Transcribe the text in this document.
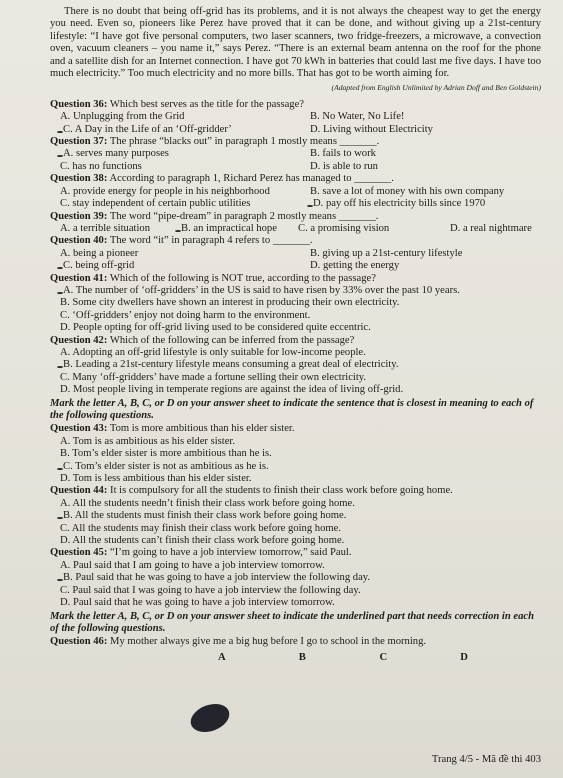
There is no doubt that being off-grid has its problems, and it is not always the cheapest way to get the energy you need. Even so, pioneers like Perez have proved that it can be done, and without giving up a 21st-century lifestyle: “I have got five personal computers, two laser scanners, two fridge-freezers, a microwave, a convection oven, vacuum cleaners – you name it,” says Perez. “There is an external beam antenna on the roof for the phone and a satellite dish for an Internet connection. I have got 70 kWh in batteries that could last me five days. I have too much electricity.” Too much electricity and no more bills. That has got to be worth aiming for.

(Adapted from English Unlimited by Adrian Doff and Ben Goldstein)
Question 36: Which best serves as the title for the passage?
A. Unplugging from the Grid	B. No Water, No Life!
C. A Day in the Life of an ‘Off-gridder’	D. Living without Electricity
Question 37: The phrase “blacks out” in paragraph 1 mostly means _______.
A. serves many purposes	B. fails to work
C. has no functions	D. is able to run
Question 38: According to paragraph 1, Richard Perez has managed to _______.
A. provide energy for people in his neighborhood	B. save a lot of money with his own company
C. stay independent of certain public utilities	D. pay off his electricity bills since 1970
Question 39: The word “pipe-dream” in paragraph 2 mostly means _______.
A. a terrible situation	B. an impractical hope	C. a promising vision	D. a real nightmare
Question 40: The word “it” in paragraph 4 refers to _______.
A. being a pioneer	B. giving up a 21st-century lifestyle
C. being off-grid	D. getting the energy
Question 41: Which of the following is NOT true, according to the passage?
A. The number of ‘off-gridders’ in the US is said to have risen by 33% over the past 10 years.
B. Some city dwellers have shown an interest in producing their own electricity.
C. ‘Off-gridders’ enjoy not doing harm to the environment.
D. People opting for off-grid living used to be considered quite eccentric.
Question 42: Which of the following can be inferred from the passage?
A. Adopting an off-grid lifestyle is only suitable for low-income people.
B. Leading a 21st-century lifestyle means consuming a great deal of electricity.
C. Many ‘off-gridders’ have made a fortune selling their own electricity.
D. Most people living in temperate regions are against the idea of living off-grid.
Mark the letter A, B, C, or D on your answer sheet to indicate the sentence that is closest in meaning to each of the following questions.
Question 43: Tom is more ambitious than his elder sister.
A. Tom is as ambitious as his elder sister.
B. Tom’s elder sister is more ambitious than he is.
C. Tom’s elder sister is not as ambitious as he is.
D. Tom is less ambitious than his elder sister.
Question 44: It is compulsory for all the students to finish their class work before going home.
A. All the students needn’t finish their class work before going home.
B. All the students must finish their class work before going home.
C. All the students may finish their class work before going home.
D. All the students can’t finish their class work before going home.
Question 45: “I’m going to have a job interview tomorrow,” said Paul.
A. Paul said that I am going to have a job interview tomorrow.
B. Paul said that he was going to have a job interview the following day.
C. Paul said that I was going to have a job interview the following day.
D. Paul said that he was going to have a job interview tomorrow.
Mark the letter A, B, C, or D on your answer sheet to indicate the underlined part that needs correction in each of the following questions.
Question 46: My mother always give me a big hug before I go to school in the morning.
A	B	C	D
Trang 4/5 - Mã đề thi 403
